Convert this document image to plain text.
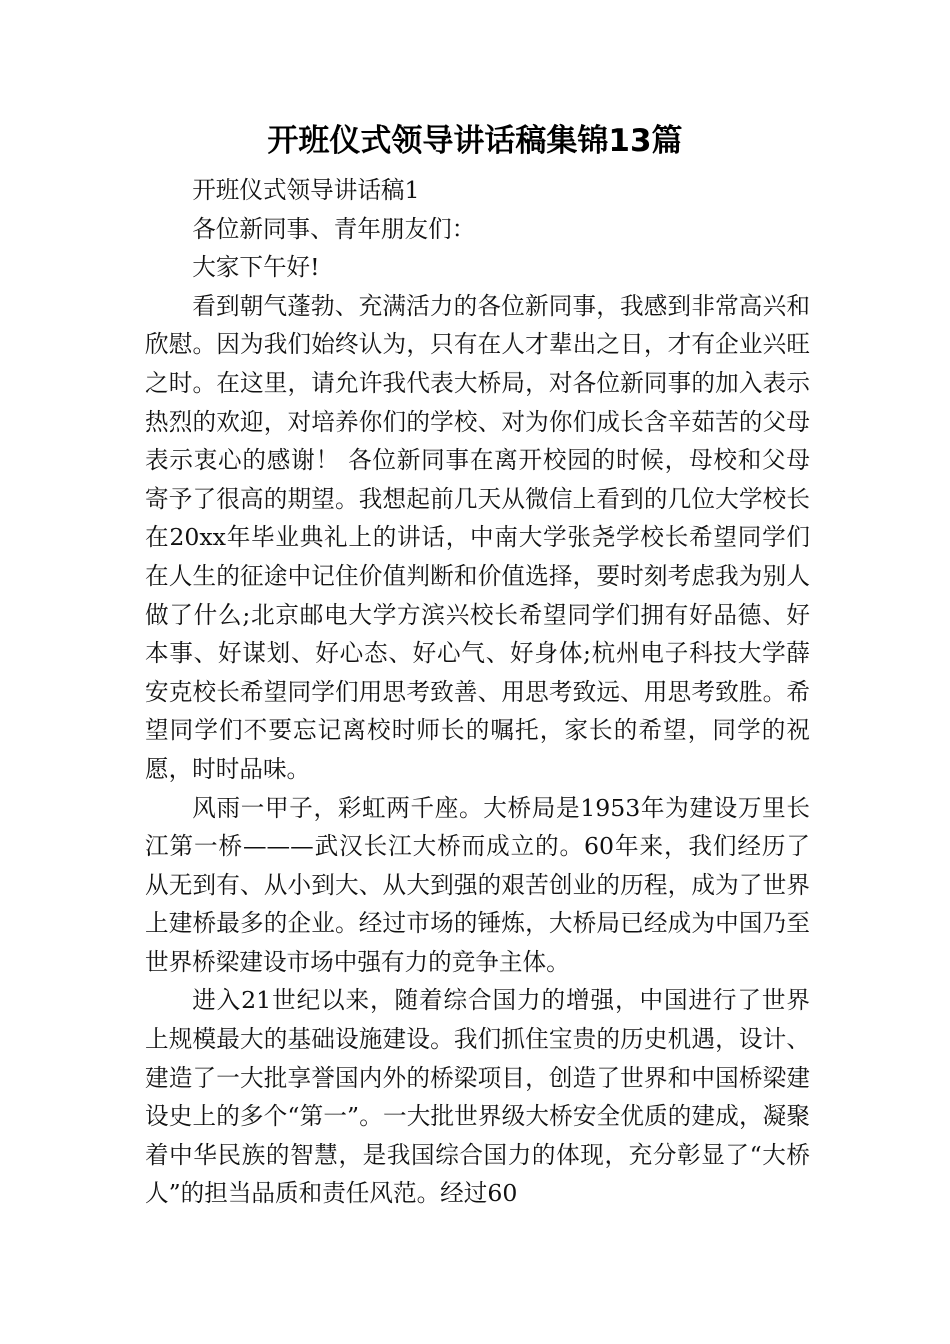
开班仪式领导讲话稿集锦13篇

开班仪式领导讲话稿1

各位新同事、青年朋友们：

大家下午好!

看到朝气蓬勃、充满活力的各位新同事，我感到非常高兴和欣慰。因为我们始终认为，只有在人才辈出之日，才有企业兴旺之时。在这里，请允许我代表大桥局，对各位新同事的加入表示热烈的欢迎，对培养你们的学校、对为你们成长含辛茹苦的父母表示衷心的感谢！ 各位新同事在离开校园的时候，母校和父母寄予了很高的期望。我想起前几天从微信上看到的几位大学校长在20xx年毕业典礼上的讲话，中南大学张尧学校长希望同学们在人生的征途中记住价值判断和价值选择，要时刻考虑我为别人做了什么;北京邮电大学方滨兴校长希望同学们拥有好品德、好本事、好谋划、好心态、好心气、好身体;杭州电子科技大学薛安克校长希望同学们用思考致善、用思考致远、用思考致胜。希望同学们不要忘记离校时师长的嘱托，家长的希望，同学的祝愿，时时品味。

风雨一甲子，彩虹两千座。大桥局是1953年为建设万里长江第一桥———武汉长江大桥而成立的。60年来，我们经历了从无到有、从小到大、从大到强的艰苦创业的历程，成为了世界上建桥最多的企业。经过市场的锤炼，大桥局已经成为中国乃至世界桥梁建设市场中强有力的竞争主体。

进入21世纪以来，随着综合国力的增强，中国进行了世界上规模最大的基础设施建设。我们抓住宝贵的历史机遇，设计、建造了一大批享誉国内外的桥梁项目，创造了世界和中国桥梁建设史上的多个“第一”。一大批世界级大桥安全优质的建成，凝聚着中华民族的智慧，是我国综合国力的体现，充分彰显了“大桥人”的担当品质和责任风范。经过60
